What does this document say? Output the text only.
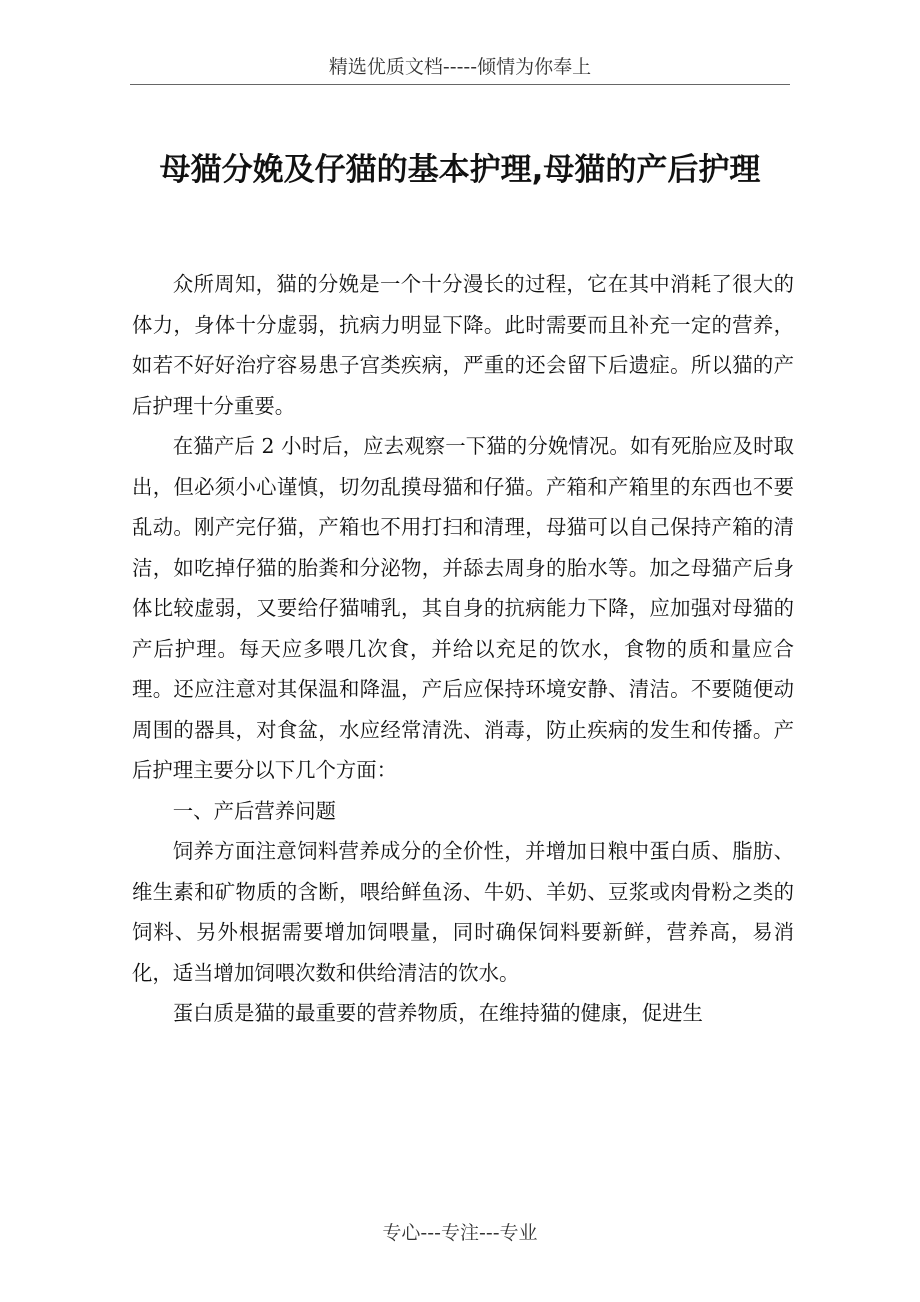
精选优质文档-----倾情为你奉上
母猫分娩及仔猫的基本护理,母猫的产后护理

众所周知，猫的分娩是一个十分漫长的过程，它在其中消耗了很大的体力，身体十分虚弱，抗病力明显下降。此时需要而且补充一定的营养，如若不好好治疗容易患子宫类疾病，严重的还会留下后遗症。所以猫的产后护理十分重要。

在猫产后 2 小时后，应去观察一下猫的分娩情况。如有死胎应及时取出，但必须小心谨慎，切勿乱摸母猫和仔猫。产箱和产箱里的东西也不要乱动。刚产完仔猫，产箱也不用打扫和清理，母猫可以自己保持产箱的清洁，如吃掉仔猫的胎粪和分泌物，并舔去周身的胎水等。加之母猫产后身体比较虚弱，又要给仔猫哺乳，其自身的抗病能力下降，应加强对母猫的产后护理。每天应多喂几次食，并给以充足的饮水，食物的质和量应合理。还应注意对其保温和降温，产后应保持环境安静、清洁。不要随便动周围的器具，对食盆，水应经常清洗、消毒，防止疾病的发生和传播。产后护理主要分以下几个方面：

一、产后营养问题

饲养方面注意饲料营养成分的全价性，并增加日粮中蛋白质、脂肪、维生素和矿物质的含断，喂给鲜鱼汤、牛奶、羊奶、豆浆或肉骨粉之类的饲料、另外根据需要增加饲喂量，同时确保饲料要新鲜，营养高，易消化，适当增加饲喂次数和供给清洁的饮水。

蛋白质是猫的最重要的营养物质，在维持猫的健康，促进生

专心---专注---专业
